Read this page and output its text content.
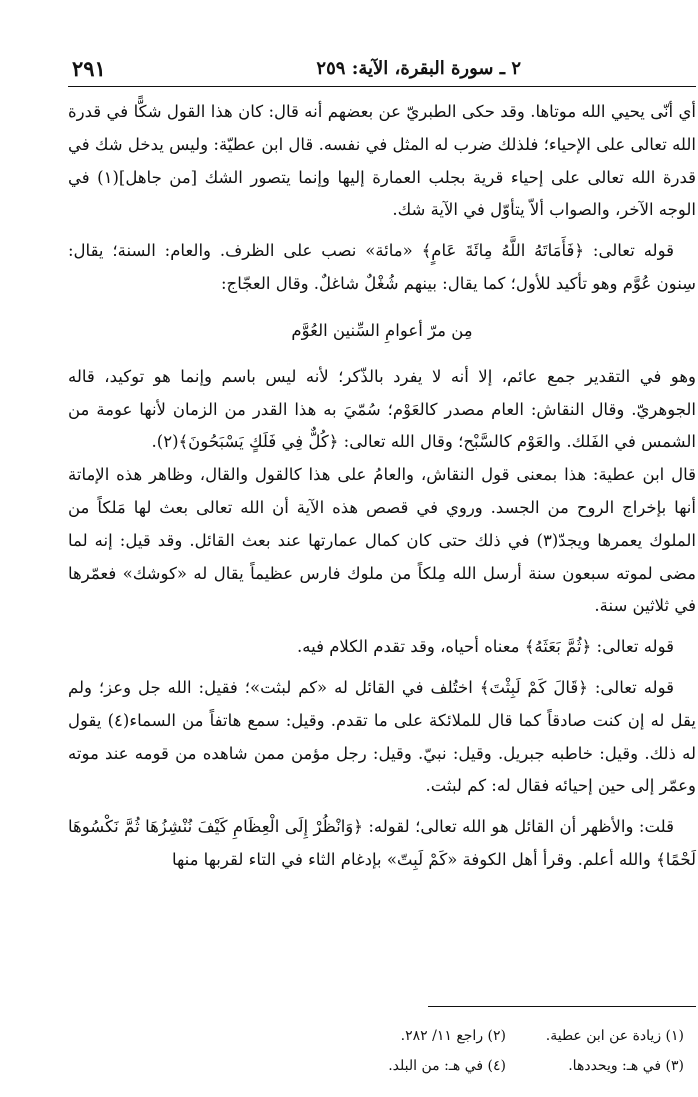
٢ ـ سورة البقرة، الآية: ٢٥٩
٢٩١

أي أنّى يحيي الله موتاها. وقد حكى الطبريّ عن بعضهم أنه قال: كان هذا القول شكًّا في قدرة الله تعالى على الإحياء؛ فلذلك ضرب له المثل في نفسه. قال ابن عطيّة: وليس يدخل شك في قدرة الله تعالى على إحياء قرية بجلب العمارة إليها وإنما يتصور الشك [من جاهل](١) في الوجه الآخر، والصواب ألاّ يتأوّل في الآية شك.

قوله تعالى: ﴿فَأَمَاتَهُ اللَّهُ مِائَةَ عَامٍ﴾ «مائة» نصب على الظرف. والعام: السنة؛ يقال: سِنون عُوَّم وهو تأكيد للأول؛ كما يقال: بينهم شُغْلٌ شاغلٌ. وقال العجّاج:

مِن مرّ أعوامِ السِّنين العُوَّم

وهو في التقدير جمع عائم، إلا أنه لا يفرد بالذّكر؛ لأنه ليس باسم وإنما هو توكيد، قاله الجوهريّ. وقال النقاش: العام مصدر كالعَوْم؛ سُمّيَ به هذا القدر من الزمان لأنها عومة من الشمس في الفَلك. والعَوْم كالسَّبْح؛ وقال الله تعالى: ﴿كُلٌّ فِي فَلَكٍ يَسْبَحُونَ﴾(٢).

قال ابن عطية: هذا بمعنى قول النقاش، والعامُ على هذا كالقول والقال، وظاهر هذه الإماتة أنها بإخراج الروح من الجسد. وروي في قصص هذه الآية أن الله تعالى بعث لها مَلكاً من الملوك يعمرها ويجدّ(٣) في ذلك حتى كان كمال عمارتها عند بعث القائل. وقد قيل: إنه لما مضى لموته سبعون سنة أرسل الله مِلكاً من ملوك فارس عظيماً يقال له «كوشك» فعمّرها في ثلاثين سنة.

قوله تعالى: ﴿ثُمَّ بَعَثَهُ﴾ معناه أحياه، وقد تقدم الكلام فيه.

قوله تعالى: ﴿قَالَ كَمْ لَبِثْتَ﴾ اختُلف في القائل له «كم لبثت»؛ فقيل: الله جل وعز؛ ولم يقل له إن كنت صادقاً كما قال للملائكة على ما تقدم. وقيل: سمع هاتفاً من السماء(٤) يقول له ذلك. وقيل: خاطبه جبريل. وقيل: نبيّ. وقيل: رجل مؤمن ممن شاهده من قومه عند موته وعمّر إلى حين إحيائه فقال له: كم لبثت.

قلت: والأظهر أن القائل هو الله تعالى؛ لقوله: ﴿وَانْظُرْ إِلَى الْعِظَامِ كَيْفَ نُنْشِزُهَا ثُمَّ نَكْسُوهَا لَحْمًا﴾ والله أعلم. وقرأ أهل الكوفة «كَمْ لَبِتّ» بإدغام الثاء في التاء لقربها منها

(١) زيادة عن ابن عطية.
(٢) راجع ١١/ ٢٨٢.
(٣) في هـ: ويحددها.
(٤) في هـ: من البلد.
